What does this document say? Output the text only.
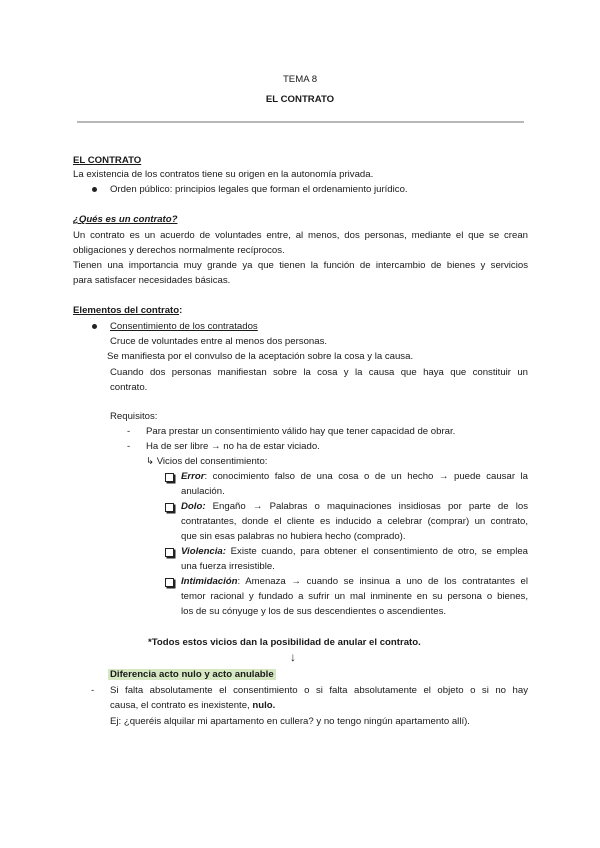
TEMA 8
EL CONTRATO
EL CONTRATO
La existencia de los contratos tiene su origen en la autonomía privada.
Orden público: principios legales que forman el ordenamiento jurídico.
¿Qués es un contrato?
Un contrato es un acuerdo de voluntades entre, al menos, dos personas, mediante el que se crean
obligaciones y derechos normalmente recíprocos.
Tienen una importancia muy grande ya que tienen la función de intercambio de bienes y servicios
para satisfacer necesidades básicas.
Elementos del contrato:
Consentimiento de los contratados
Cruce de voluntades entre al menos dos personas.
Se manifiesta por el convulso de la aceptación sobre la cosa y la causa.
Cuando dos personas manifiestan sobre la cosa y la causa que haya que constituir un
contrato.
Requisitos:
- Para prestar un consentimiento válido hay que tener capacidad de obrar.
- Ha de ser libre → no ha de estar viciado.
↳ Vicios del consentimiento:
Error: conocimiento falso de una cosa o de un hecho → puede causar la
anulación.
Dolo: Engaño → Palabras o maquinaciones insidiosas por parte de los
contratantes, donde el cliente es inducido a celebrar (comprar) un contrato,
que sin esas palabras no hubiera hecho (comprado).
Violencia: Existe cuando, para obtener el consentimiento de otro, se emplea
una fuerza irresistible.
Intimidación: Amenaza → cuando se insinua a uno de los contratantes el
temor racional y fundado a sufrir un mal inminente en su persona o bienes,
los de su cónyuge y los de sus descendientes o ascendientes.
*Todos estos vicios dan la posibilidad de anular el contrato.
↓
Diferencia acto nulo y acto anulable
- Si falta absolutamente el consentimiento o si falta absolutamente el objeto o si no hay
causa, el contrato es inexistente, nulo.
Ej: ¿queréis alquilar mi apartamento en cullera? y no tengo ningún apartamento allí).
